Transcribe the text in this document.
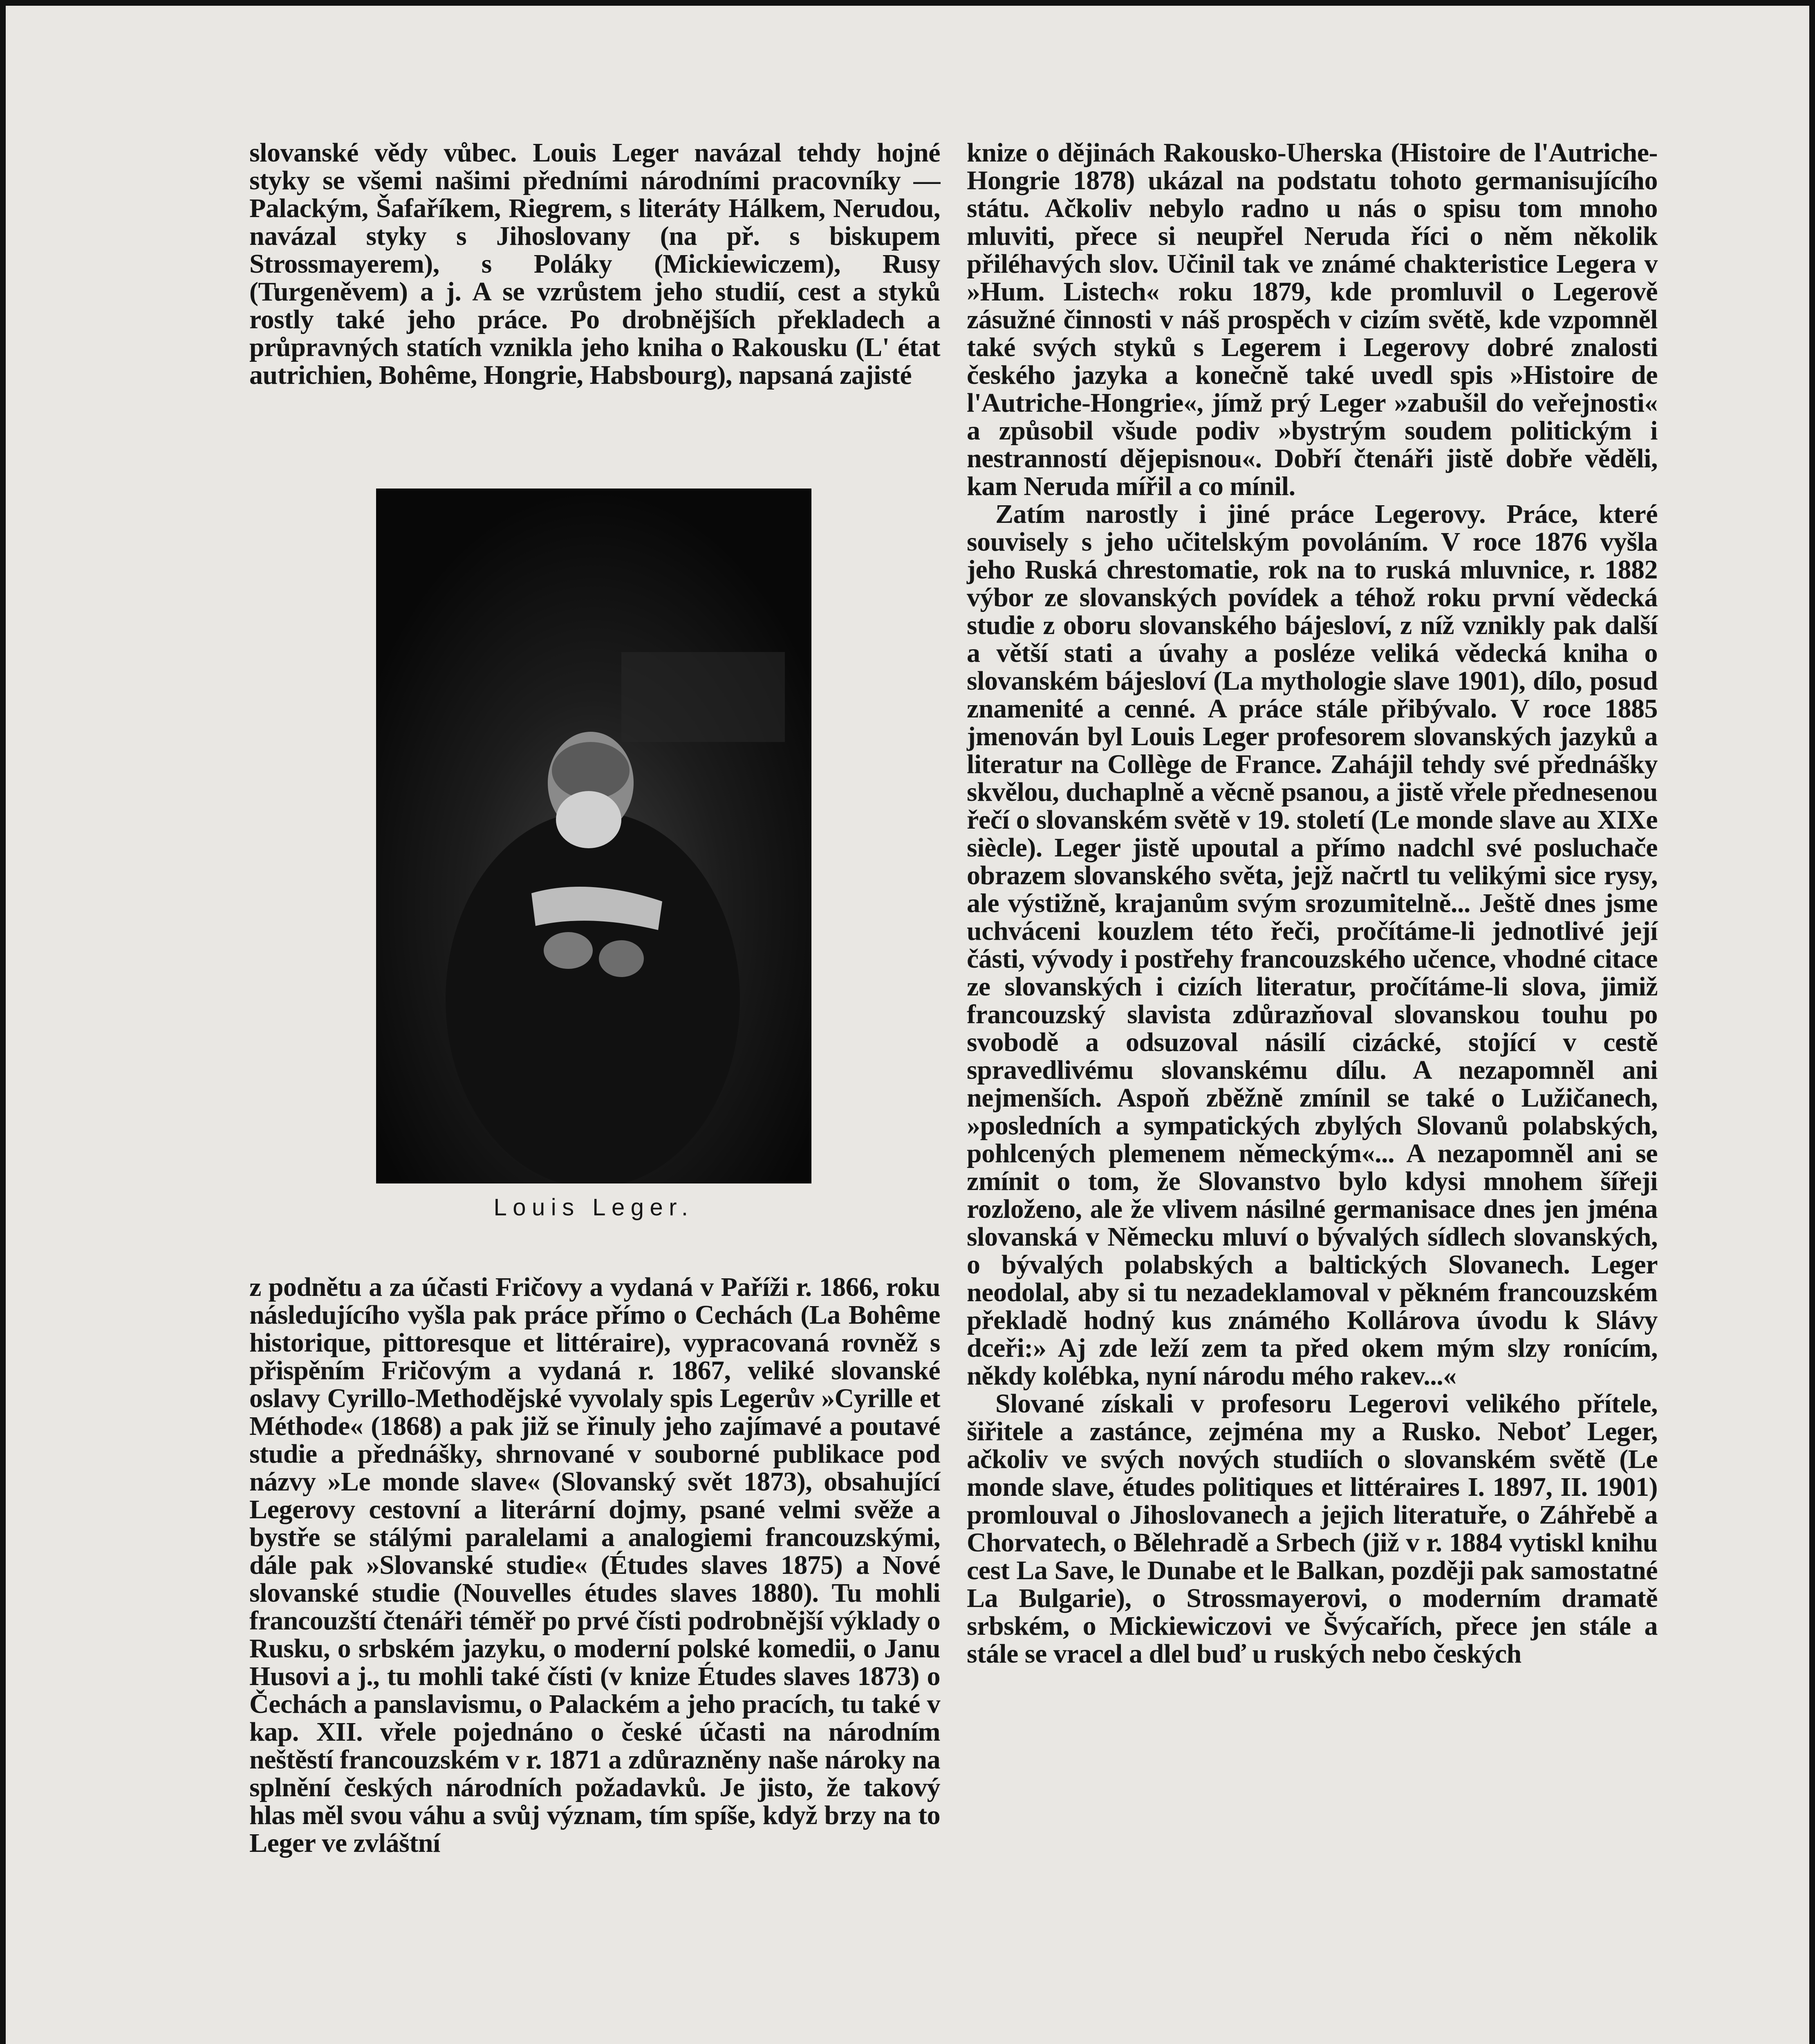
slovanské vědy vůbec. Louis Leger navázal tehdy hojné styky se všemi našimi předními národními pracovníky — Palackým, Šafaříkem, Riegrem, s literáty Hálkem, Nerudou, navázal styky s Jihoslovany (na př. s biskupem Strossmayerem), s Poláky (Mickiewiczem), Rusy (Turgeněvem) a j. A se vzrůstem jeho studií, cest a styků rostly také jeho práce. Po drobnějších překladech a průpravných statích vznikla jeho kniha o Rakousku (L' état autrichien, Bohême, Hongrie, Habsbourg), napsaná zajisté

Louis Leger.

z podnětu a za účasti Fričovy a vydaná v Paříži r. 1866, roku následujícího vyšla pak práce přímo o Cechách (La Bohême historique, pittoresque et littéraire), vypracovaná rovněž s přispěním Fričovým a vydaná r. 1867, veliké slovanské oslavy Cyrillo-Methodějské vyvolaly spis Legerův »Cyrille et Méthode« (1868) a pak již se řinuly jeho zajímavé a poutavé studie a přednášky, shrnované v souborné publikace pod názvy »Le monde slave« (Slovanský svět 1873), obsahující Legerovy cestovní a literární dojmy, psané velmi svěže a bystře se stálými paralelami a analogiemi francouzskými, dále pak »Slovanské studie« (Études slaves 1875) a Nové slovanské studie (Nouvelles études slaves 1880). Tu mohli francouzští čtenáři téměř po prvé čísti podrobnější výklady o Rusku, o srbském jazyku, o moderní polské komedii, o Janu Husovi a j., tu mohli také čísti (v knize Études slaves 1873) o Čechách a panslavismu, o Palackém a jeho pracích, tu také v kap. XII. vřele pojednáno o české účasti na národním neštěstí francouzském v r. 1871 a zdůrazněny naše nároky na splnění českých národních požadavků. Je jisto, že takový hlas měl svou váhu a svůj význam, tím spíše, když brzy na to Leger ve zvláštní

knize o dějinách Rakousko-Uherska (Histoire de l'Autriche-Hongrie 1878) ukázal na podstatu tohoto germanisujícího státu. Ačkoliv nebylo radno u nás o spisu tom mnoho mluviti, přece si neupřel Neruda říci o něm několik přiléhavých slov. Učinil tak ve známé chakteristice Legera v »Hum. Listech« roku 1879, kde promluvil o Legerově zásužné činnosti v náš prospěch v cizím světě, kde vzpomněl také svých styků s Legerem i Legerovy dobré znalosti českého jazyka a konečně také uvedl spis »Histoire de l'Autriche-Hongrie«, jímž prý Leger »zabušil do veřejnosti« a způsobil všude podiv »bystrým soudem politickým i nestranností dějepisnou«. Dobří čtenáři jistě dobře věděli, kam Neruda mířil a co mínil.

Zatím narostly i jiné práce Legerovy. Práce, které souvisely s jeho učitelským povoláním. V roce 1876 vyšla jeho Ruská chrestomatie, rok na to ruská mluvnice, r. 1882 výbor ze slovanských povídek a téhož roku první vědecká studie z oboru slovanského bájesloví, z níž vznikly pak další a větší stati a úvahy a posléze veliká vědecká kniha o slovanském bájesloví (La mythologie slave 1901), dílo, posud znamenité a cenné. A práce stále přibývalo. V roce 1885 jmenován byl Louis Leger profesorem slovanských jazyků a literatur na Collège de France. Zahájil tehdy své přednášky skvělou, duchaplně a věcně psanou, a jistě vřele přednesenou řečí o slovanském světě v 19. století (Le monde slave au XIXe siècle). Leger jistě upoutal a přímo nadchl své posluchače obrazem slovanského světa, jejž načrtl tu velikými sice rysy, ale výstižně, krajanům svým srozumitelně... Ještě dnes jsme uchváceni kouzlem této řeči, pročítáme-li jednotlivé její části, vývody i postřehy francouzského učence, vhodné citace ze slovanských i cizích literatur, pročítáme-li slova, jimiž francouzský slavista zdůrazňoval slovanskou touhu po svobodě a odsuzoval násilí cizácké, stojící v cestě spravedlivému slovanskému dílu. A nezapomněl ani nejmenších. Aspoň zběžně zmínil se také o Lužičanech, »posledních a sympatických zbylých Slovanů polabských, pohlcených plemenem německým«... A nezapomněl ani se zmínit o tom, že Slovanstvo bylo kdysi mnohem šířeji rozloženo, ale že vlivem násilné germanisace dnes jen jména slovanská v Německu mluví o bývalých sídlech slovanských, o bývalých polabských a baltických Slovanech. Leger neodolal, aby si tu nezadeklamoval v pěkném francouzském překladě hodný kus známého Kollárova úvodu k Slávy dceři:» Aj zde leží zem ta před okem mým slzy ronícím, někdy kolébka, nyní národu mého rakev...«

Slované získali v profesoru Legerovi velikého přítele, šiřitele a zastánce, zejména my a Rusko. Neboť Leger, ačkoliv ve svých nových studiích o slovanském světě (Le monde slave, études politiques et littéraires I. 1897, II. 1901) promlouval o Jihoslovanech a jejich literatuře, o Záhřebě a Chorvatech, o Bělehradě a Srbech (již v r. 1884 vytiskl knihu cest La Save, le Dunabe et le Balkan, později pak samostatné La Bulgarie), o Strossmayerovi, o moderním dramatě srbském, o Mickiewiczovi ve Švýcařích, přece jen stále a stále se vracel a dlel buď u ruských nebo českých
